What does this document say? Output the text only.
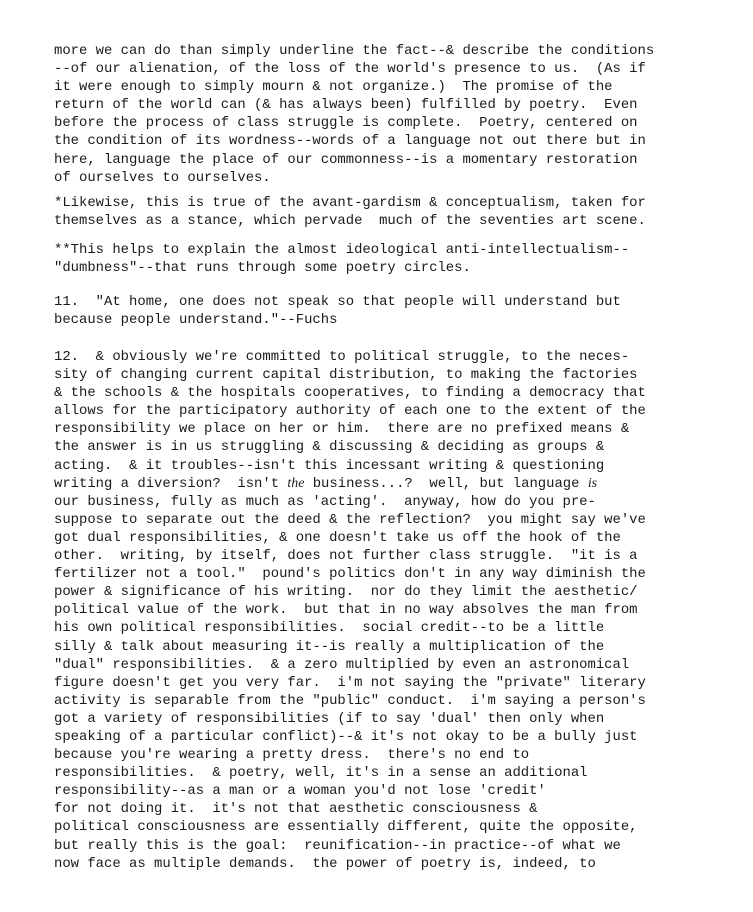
more we can do than simply underline the fact--& describe the conditions
--of our alienation, of the loss of the world's presence to us.  (As if
it were enough to simply mourn & not organize.)  The promise of the
return of the world can (& has always been) fulfilled by poetry.  Even
before the process of class struggle is complete.  Poetry, centered on
the condition of its wordness--words of a language not out there but in
here, language the place of our commonness--is a momentary restoration
of ourselves to ourselves.
*Likewise, this is true of the avant-gardism & conceptualism, taken for
themselves as a stance, which pervade  much of the seventies art scene.
**This helps to explain the almost ideological anti-intellectualism--
"dumbness"--that runs through some poetry circles.
11.  "At home, one does not speak so that people will understand but
because people understand."--Fuchs
12.  & obviously we're committed to political struggle, to the neces-
sity of changing current capital distribution, to making the factories
& the schools & the hospitals cooperatives, to finding a democracy that
allows for the participatory authority of each one to the extent of the
responsibility we place on her or him.  there are no prefixed means &
the answer is in us struggling & discussing & deciding as groups &
acting.  & it troubles--isn't this incessant writing & questioning
writing a diversion?  isn't the business...?  well, but language is
our business, fully as much as 'acting'.  anyway, how do you pre-
suppose to separate out the deed & the reflection?  you might say we've
got dual responsibilities, & one doesn't take us off the hook of the
other.  writing, by itself, does not further class struggle.  "it is a
fertilizer not a tool."  pound's politics don't in any way diminish the
power & significance of his writing.  nor do they limit the aesthetic/
political value of the work.  but that in no way absolves the man from
his own political responsibilities.  social credit--to be a little
silly & talk about measuring it--is really a multiplication of the
"dual" responsibilities.  & a zero multiplied by even an astronomical
figure doesn't get you very far.  i'm not saying the "private" literary
activity is separable from the "public" conduct.  i'm saying a person's
got a variety of responsibilities (if to say 'dual' then only when
speaking of a particular conflict)--& it's not okay to be a bully just
because you're wearing a pretty dress.  there's no end to
responsibilities.  & poetry, well, it's in a sense an additional
responsibility--as a man or a woman you'd not lose 'credit'
for not doing it.  it's not that aesthetic consciousness &
political consciousness are essentially different, quite the opposite,
but really this is the goal:  reunification--in practice--of what we
now face as multiple demands.  the power of poetry is, indeed, to
